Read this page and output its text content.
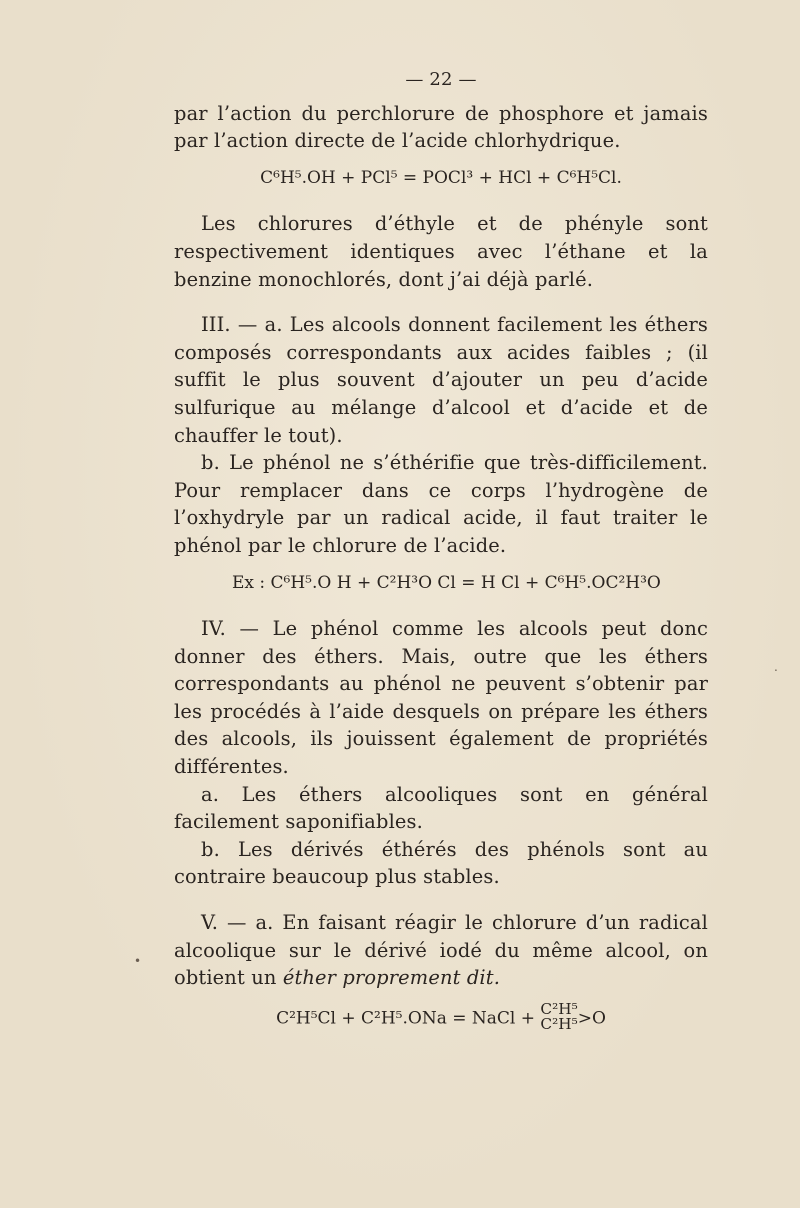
— 22 —

par l’action du perchlorure de phosphore et jamais par l’action directe de l’acide chlorhydrique.

C⁶H⁵.OH + PCl⁵ = POCl³ + HCl + C⁶H⁵Cl.

Les chlorures d’éthyle et de phényle sont respectivement identiques avec l’éthane et la benzine monochlorés, dont j’ai déjà parlé.

III. — a. Les alcools donnent facilement les éthers composés correspondants aux acides faibles ; (il suffit le plus souvent d’ajouter un peu d’acide sulfurique au mélange d’alcool et d’acide et de chauffer le tout).

b. Le phénol ne s’éthérifie que très-difficilement. Pour remplacer dans ce corps l’hydrogène de l’oxhydryle par un radical acide, il faut traiter le phénol par le chlorure de l’acide.

Ex : C⁶H⁵.O H + C²H³O Cl = H Cl + C⁶H⁵.OC²H³O

IV. — Le phénol comme les alcools peut donc donner des éthers. Mais, outre que les éthers correspondants au phénol ne peuvent s’obtenir par les procédés à l’aide desquels on prépare les éthers des alcools, ils jouissent également de propriétés différentes.

a. Les éthers alcooliques sont en général facilement saponifiables.

b. Les dérivés éthérés des phénols sont au contraire beaucoup plus stables.

V. — a. En faisant réagir le chlorure d’un radical alcoolique sur le dérivé iodé du même alcool, on obtient un éther proprement dit.

C²H⁵Cl + C²H⁵.ONa = NaCl + C²H⁵
C²H⁵ >O
•
.
